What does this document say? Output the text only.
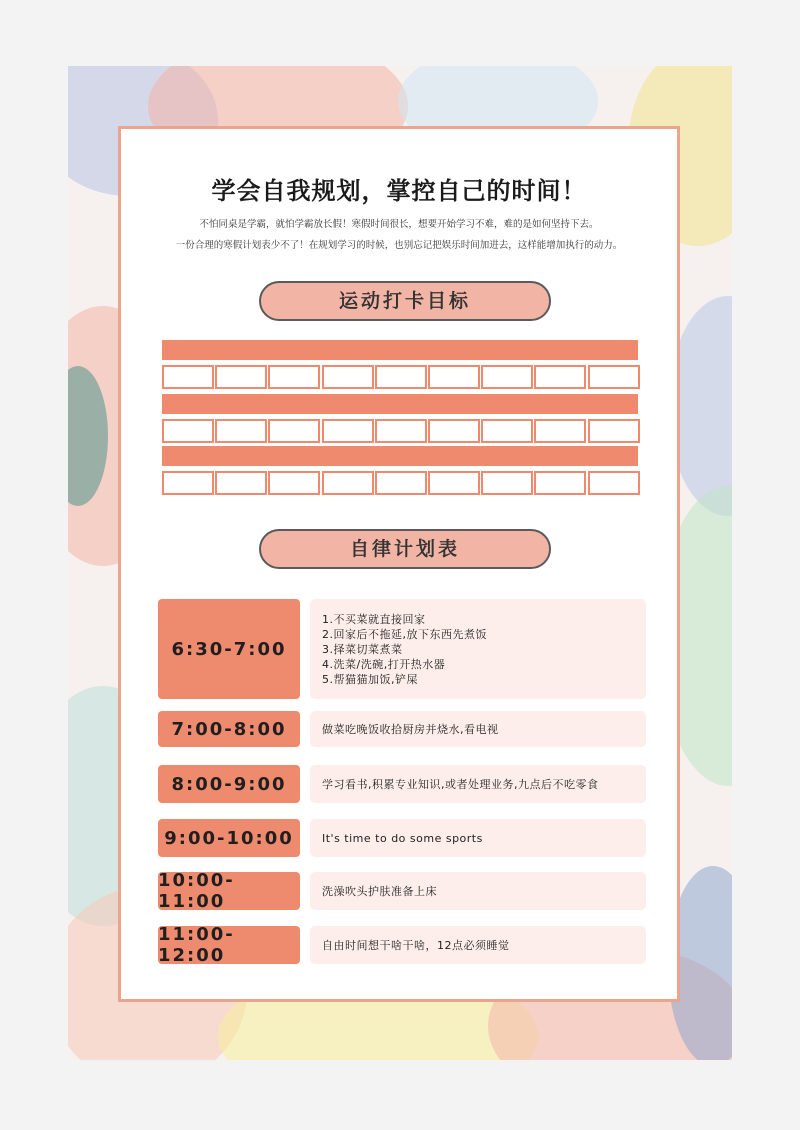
学会自我规划，掌控自己的时间！
不怕同桌是学霸，就怕学霸放长假！寒假时间很长，想要开始学习不难，难的是如何坚持下去。
一份合理的寒假计划表少不了！在规划学习的时候，也别忘记把娱乐时间加进去，这样能增加执行的动力。
运动打卡目标
自律计划表
6:30-7:00
1.不买菜就直接回家
2.回家后不拖延,放下东西先煮饭
3.择菜切菜煮菜
4.洗菜/洗碗,打开热水器
5.帮猫猫加饭,铲屎
7:00-8:00	做菜吃晚饭收拾厨房并烧水,看电视
8:00-9:00	学习看书,积累专业知识,或者处理业务,九点后不吃零食
9:00-10:00	It's time to do some sports
10:00-11:00	洗澡吹头护肤准备上床
11:00-12:00	自由时间想干啥干啥，12点必须睡觉
